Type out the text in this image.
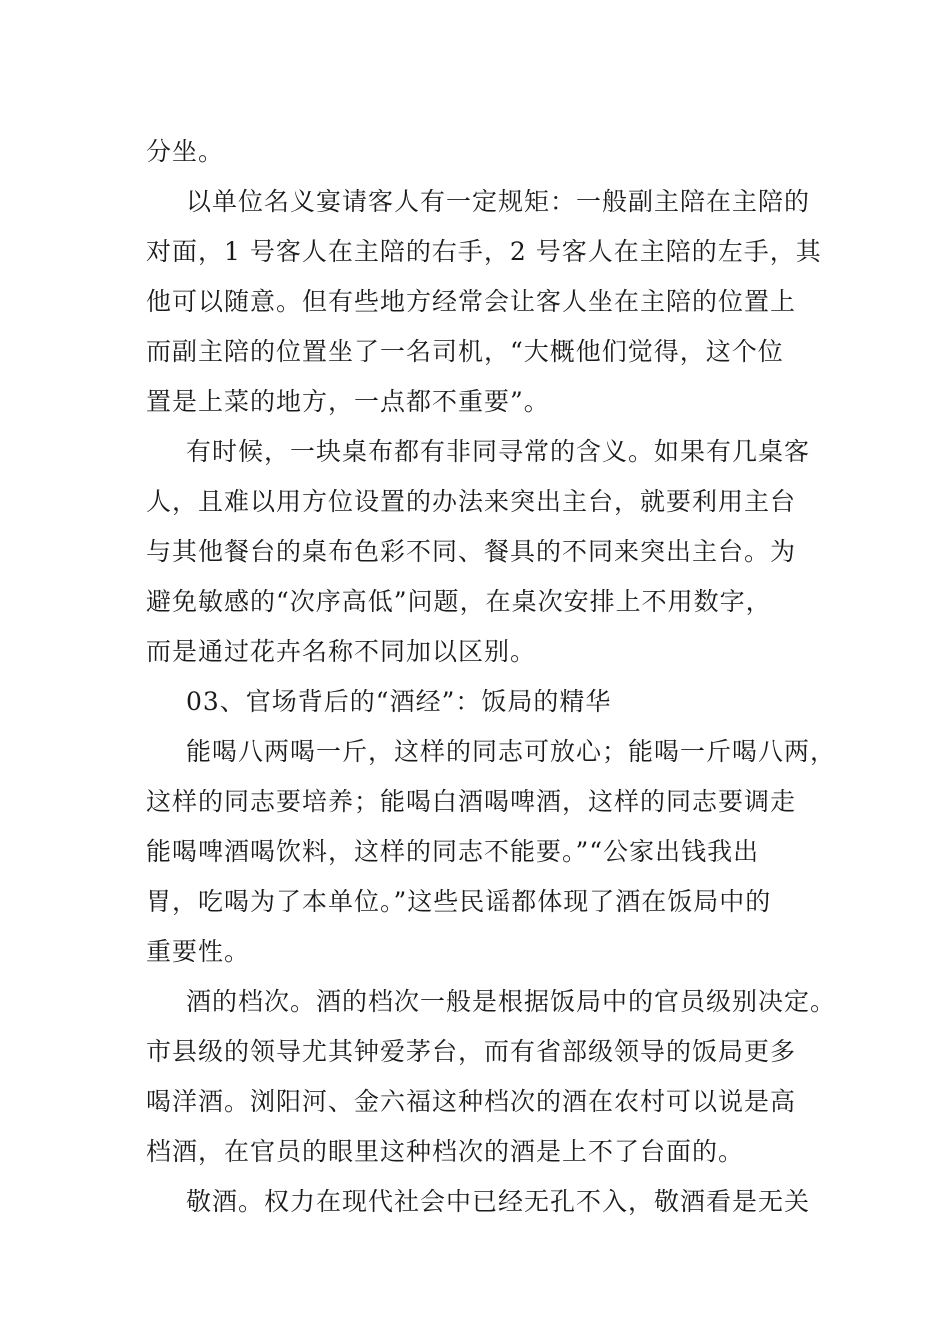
分坐。
以单位名义宴请客人有一定规矩：一般副主陪在主陪的
对面，1 号客人在主陪的右手，2 号客人在主陪的左手，其
他可以随意。但有些地方经常会让客人坐在主陪的位置上
而副主陪的位置坐了一名司机，“大概他们觉得，这个位
置是上菜的地方，一点都不重要”。
有时候，一块桌布都有非同寻常的含义。如果有几桌客
人，且难以用方位设置的办法来突出主台，就要利用主台
与其他餐台的桌布色彩不同、餐具的不同来突出主台。为
避免敏感的“次序高低”问题，在桌次安排上不用数字，
而是通过花卉名称不同加以区别。
03、官场背后的“酒经”：饭局的精华
能喝八两喝一斤，这样的同志可放心；能喝一斤喝八两，
这样的同志要培养；能喝白酒喝啤酒，这样的同志要调走
能喝啤酒喝饮料，这样的同志不能要。”“公家出钱我出
胃，吃喝为了本单位。”这些民谣都体现了酒在饭局中的
重要性。
酒的档次。酒的档次一般是根据饭局中的官员级别决定。
市县级的领导尤其钟爱茅台，而有省部级领导的饭局更多
喝洋酒。浏阳河、金六福这种档次的酒在农村可以说是高
档酒，在官员的眼里这种档次的酒是上不了台面的。
敬酒。权力在现代社会中已经无孔不入，敬酒看是无关
